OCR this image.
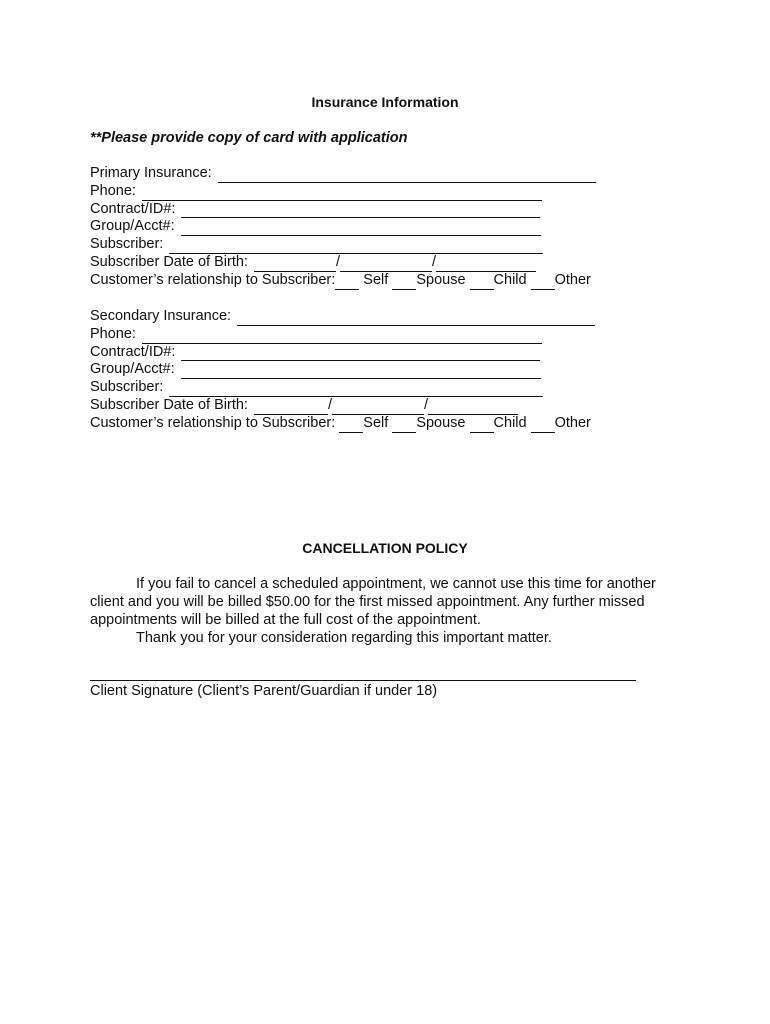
Insurance Information
**Please provide copy of card with application
Primary Insurance:
Phone:
Contract/ID#:
Group/Acct#:
Subscriber:
Subscriber Date of Birth:	/	/
Customer’s relationship to Subscriber: Self Spouse Child Other
Secondary Insurance:
Phone:
Contract/ID#:
Group/Acct#:
Subscriber:
Subscriber Date of Birth:	/	/
Customer’s relationship to Subscriber: Self Spouse Child Other
CANCELLATION POLICY

If you fail to cancel a scheduled appointment, we cannot use this time for another client and you will be billed $50.00 for the first missed appointment. Any further missed appointments will be billed at the full cost of the appointment.

Thank you for your consideration regarding this important matter.

Client Signature (Client’s Parent/Guardian if under 18)
